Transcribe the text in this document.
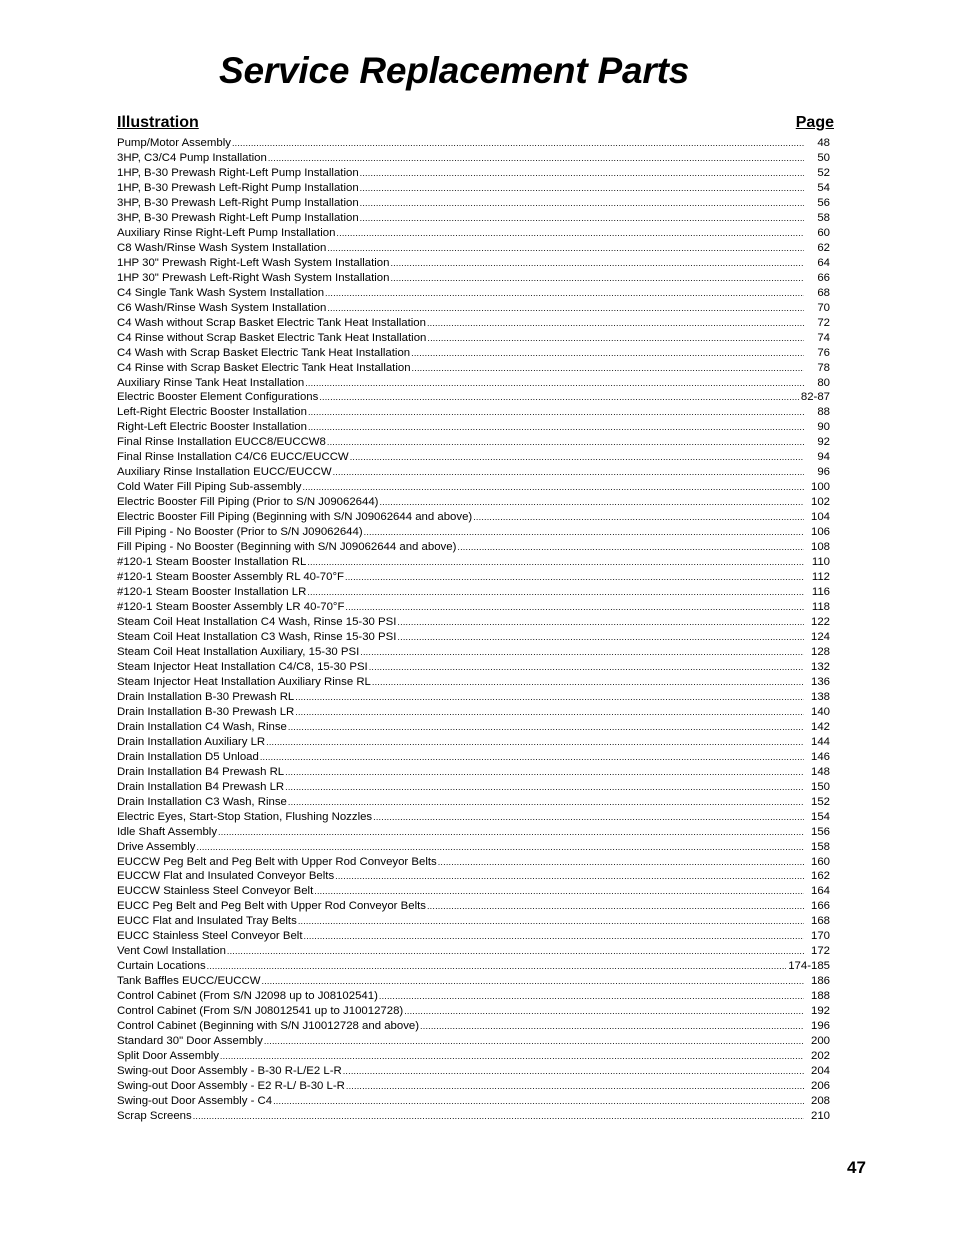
Service Replacement Parts
Illustration	Page
Pump/Motor Assembly .....	48
3HP, C3/C4 Pump Installation .....	50
1HP, B-30 Prewash Right-Left Pump Installation .....	52
1HP, B-30 Prewash Left-Right Pump Installation .....	54
3HP, B-30 Prewash Left-Right Pump Installation .....	56
3HP, B-30 Prewash Right-Left Pump Installation .....	58
Auxiliary Rinse Right-Left Pump Installation .....	60
C8 Wash/Rinse Wash System Installation .....	62
1HP 30" Prewash Right-Left Wash System Installation .....	64
1HP 30" Prewash Left-Right Wash System Installation .....	66
C4 Single Tank Wash System Installation .....	68
C6 Wash/Rinse Wash System Installation .....	70
C4 Wash without Scrap Basket Electric Tank Heat Installation .....	72
C4 Rinse without Scrap Basket Electric Tank Heat Installation .....	74
C4 Wash with Scrap Basket Electric Tank Heat Installation .....	76
C4 Rinse with Scrap Basket Electric Tank Heat Installation .....	78
Auxiliary Rinse Tank Heat Installation .....	80
Electric Booster Element Configurations .....	82-87
Left-Right Electric Booster Installation .....	88
Right-Left Electric Booster Installation .....	90
Final Rinse Installation EUCC8/EUCCW8 .....	92
Final Rinse Installation C4/C6 EUCC/EUCCW .....	94
Auxiliary Rinse Installation EUCC/EUCCW .....	96
Cold Water Fill Piping Sub-assembly .....	100
Electric Booster Fill Piping (Prior to S/N J09062644) .....	102
Electric Booster Fill Piping (Beginning with S/N J09062644 and above) .....	104
Fill Piping - No Booster (Prior to S/N J09062644) .....	106
Fill Piping - No Booster (Beginning with S/N J09062644 and above) .....	108
#120-1 Steam Booster Installation RL .....	110
#120-1 Steam Booster Assembly RL 40-70°F .....	112
#120-1 Steam Booster Installation LR .....	116
#120-1 Steam Booster Assembly LR 40-70°F .....	118
Steam Coil Heat Installation C4 Wash, Rinse 15-30 PSI .....	122
Steam Coil Heat Installation C3 Wash, Rinse 15-30 PSI .....	124
Steam Coil Heat Installation Auxiliary, 15-30 PSI .....	128
Steam Injector Heat Installation C4/C8, 15-30 PSI .....	132
Steam Injector Heat Installation Auxiliary Rinse RL .....	136
Drain Installation B-30 Prewash RL .....	138
Drain Installation B-30 Prewash LR .....	140
Drain Installation C4 Wash, Rinse .....	142
Drain Installation Auxiliary LR .....	144
Drain Installation D5 Unload .....	146
Drain Installation B4 Prewash RL .....	148
Drain Installation B4 Prewash LR .....	150
Drain Installation C3 Wash, Rinse .....	152
Electric Eyes, Start-Stop Station, Flushing Nozzles .....	154
Idle Shaft Assembly .....	156
Drive Assembly .....	158
EUCCW Peg Belt and Peg Belt with Upper Rod Conveyor Belts .....	160
EUCCW Flat and Insulated Conveyor Belts .....	162
EUCCW Stainless Steel Conveyor Belt .....	164
EUCC Peg Belt and Peg Belt with Upper Rod Conveyor Belts .....	166
EUCC Flat and Insulated Tray Belts .....	168
EUCC Stainless Steel Conveyor Belt .....	170
Vent Cowl Installation .....	172
Curtain Locations .....	174-185
Tank Baffles EUCC/EUCCW .....	186
Control Cabinet (From S/N J2098 up to J08102541) .....	188
Control Cabinet (From S/N J08012541 up to J10012728) .....	192
Control Cabinet (Beginning with S/N J10012728 and above) .....	196
Standard 30" Door Assembly .....	200
Split Door Assembly .....	202
Swing-out Door Assembly - B-30 R-L/E2 L-R .....	204
Swing-out Door Assembly - E2 R-L/ B-30 L-R .....	206
Swing-out Door Assembly - C4 .....	208
Scrap Screens .....	210
47
